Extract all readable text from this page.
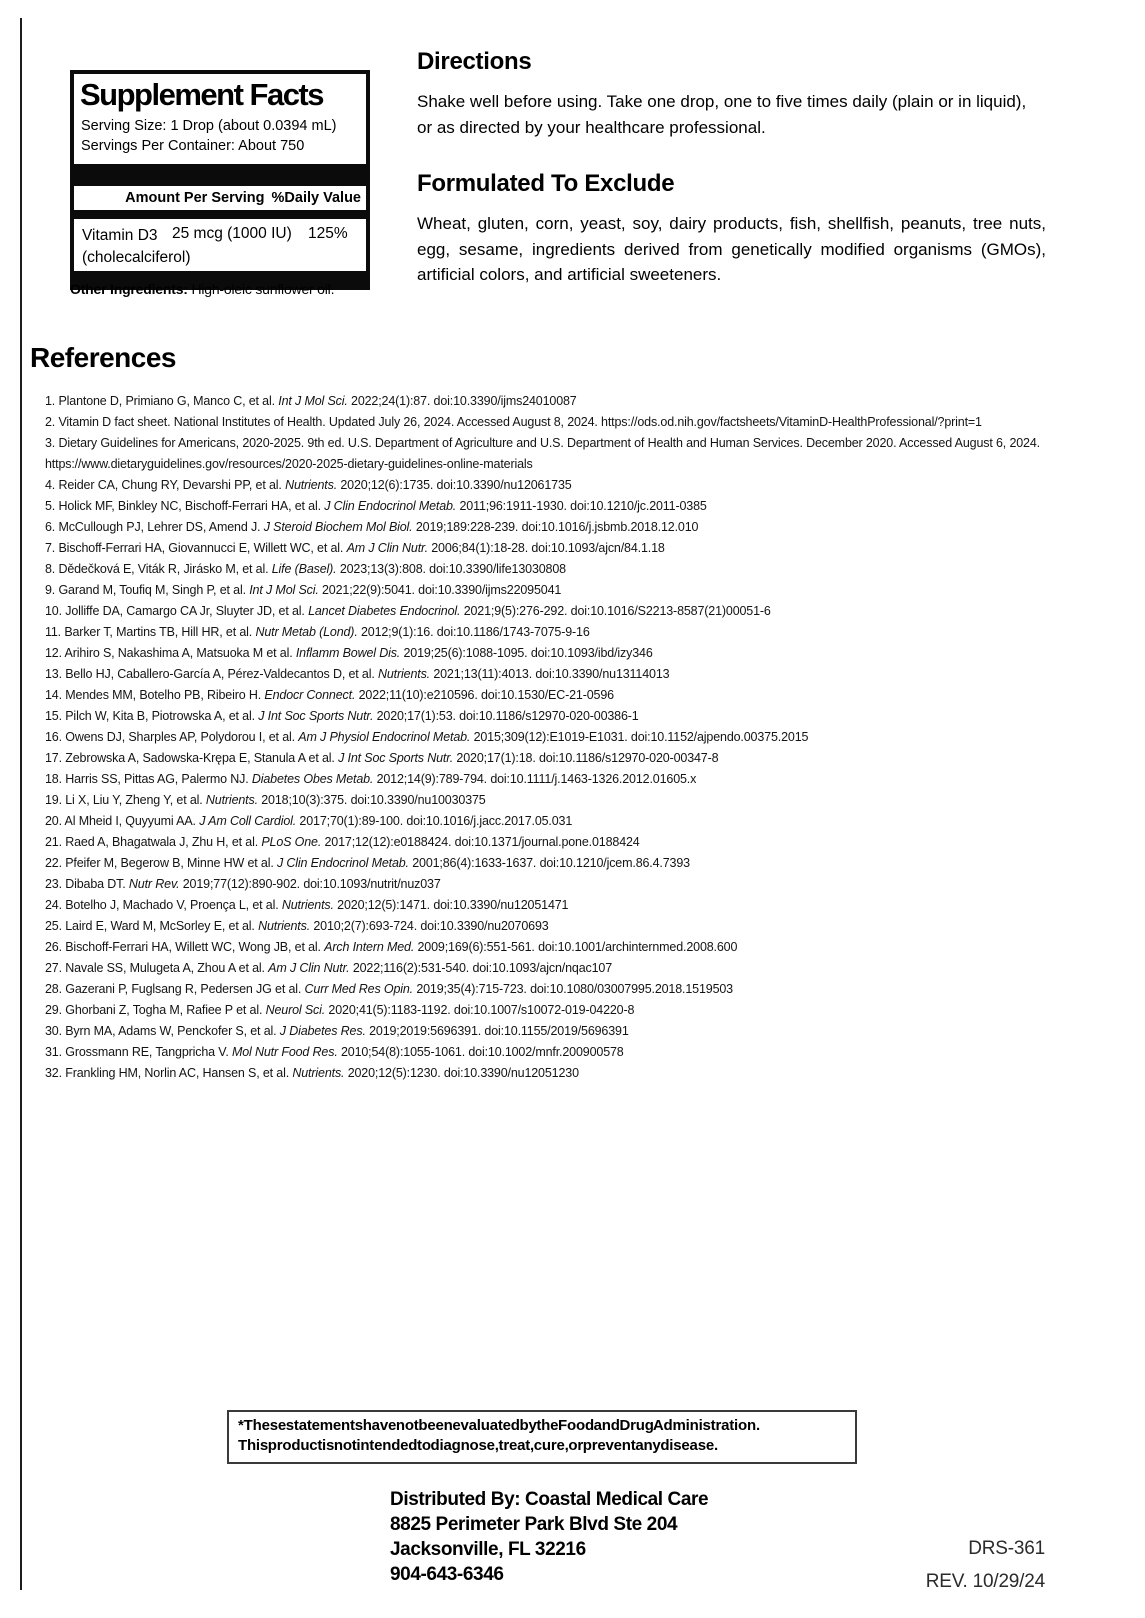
Supplement Facts
Serving Size: 1 Drop (about 0.0394 mL)
Servings Per Container: About 750
Amount Per Serving %Daily Value
Vitamin D3
(cholecalciferol)
25 mcg (1000 IU) 125%
Other Ingredients: High-oleic sunflower oil.
Directions

Shake well before using. Take one drop, one to five times daily (plain or in liquid), or as directed by your healthcare professional.

Formulated To Exclude

Wheat, gluten, corn, yeast, soy, dairy products, fish, shellfish, peanuts, tree nuts, egg, sesame, ingredients derived from genetically modified organisms (GMOs), artificial colors, and artificial sweeteners.

References
1. Plantone D, Primiano G, Manco C, et al. Int J Mol Sci. 2022;24(1):87. doi:10.3390/ijms24010087
2. Vitamin D fact sheet. National Institutes of Health. Updated July 26, 2024. Accessed August 8, 2024. https://ods.od.nih.gov/factsheets/VitaminD-HealthProfessional/?print=1
3. Dietary Guidelines for Americans, 2020-2025. 9th ed. U.S. Department of Agriculture and U.S. Department of Health and Human Services. December 2020. Accessed August 6, 2024.
https://www.dietaryguidelines.gov/resources/2020-2025-dietary-guidelines-online-materials
4. Reider CA, Chung RY, Devarshi PP, et al. Nutrients. 2020;12(6):1735. doi:10.3390/nu12061735
5. Holick MF, Binkley NC, Bischoff-Ferrari HA, et al. J Clin Endocrinol Metab. 2011;96:1911-1930. doi:10.1210/jc.2011-0385
6. McCullough PJ, Lehrer DS, Amend J. J Steroid Biochem Mol Biol. 2019;189:228-239. doi:10.1016/j.jsbmb.2018.12.010
7. Bischoff-Ferrari HA, Giovannucci E, Willett WC, et al. Am J Clin Nutr. 2006;84(1):18-28. doi:10.1093/ajcn/84.1.18
8. Dědečková E, Viták R, Jirásko M, et al. Life (Basel). 2023;13(3):808. doi:10.3390/life13030808
9. Garand M, Toufiq M, Singh P, et al. Int J Mol Sci. 2021;22(9):5041. doi:10.3390/ijms22095041
10. Jolliffe DA, Camargo CA Jr, Sluyter JD, et al. Lancet Diabetes Endocrinol. 2021;9(5):276-292. doi:10.1016/S2213-8587(21)00051-6
11. Barker T, Martins TB, Hill HR, et al. Nutr Metab (Lond). 2012;9(1):16. doi:10.1186/1743-7075-9-16
12. Arihiro S, Nakashima A, Matsuoka M et al. Inflamm Bowel Dis. 2019;25(6):1088-1095. doi:10.1093/ibd/izy346
13. Bello HJ, Caballero-García A, Pérez-Valdecantos D, et al. Nutrients. 2021;13(11):4013. doi:10.3390/nu13114013
14. Mendes MM, Botelho PB, Ribeiro H. Endocr Connect. 2022;11(10):e210596. doi:10.1530/EC-21-0596
15. Pilch W, Kita B, Piotrowska A, et al. J Int Soc Sports Nutr. 2020;17(1):53. doi:10.1186/s12970-020-00386-1
16. Owens DJ, Sharples AP, Polydorou I, et al. Am J Physiol Endocrinol Metab. 2015;309(12):E1019-E1031. doi:10.1152/ajpendo.00375.2015
17. Zebrowska A, Sadowska-Krępa E, Stanula A et al. J Int Soc Sports Nutr. 2020;17(1):18. doi:10.1186/s12970-020-00347-8
18. Harris SS, Pittas AG, Palermo NJ. Diabetes Obes Metab. 2012;14(9):789-794. doi:10.1111/j.1463-1326.2012.01605.x
19. Li X, Liu Y, Zheng Y, et al. Nutrients. 2018;10(3):375. doi:10.3390/nu10030375
20. Al Mheid I, Quyyumi AA. J Am Coll Cardiol. 2017;70(1):89-100. doi:10.1016/j.jacc.2017.05.031
21. Raed A, Bhagatwala J, Zhu H, et al. PLoS One. 2017;12(12):e0188424. doi:10.1371/journal.pone.0188424
22. Pfeifer M, Begerow B, Minne HW et al. J Clin Endocrinol Metab. 2001;86(4):1633-1637. doi:10.1210/jcem.86.4.7393
23. Dibaba DT. Nutr Rev. 2019;77(12):890-902. doi:10.1093/nutrit/nuz037
24. Botelho J, Machado V, Proença L, et al. Nutrients. 2020;12(5):1471. doi:10.3390/nu12051471
25. Laird E, Ward M, McSorley E, et al. Nutrients. 2010;2(7):693-724. doi:10.3390/nu2070693
26. Bischoff-Ferrari HA, Willett WC, Wong JB, et al. Arch Intern Med. 2009;169(6):551-561. doi:10.1001/archinternmed.2008.600
27. Navale SS, Mulugeta A, Zhou A et al. Am J Clin Nutr. 2022;116(2):531-540. doi:10.1093/ajcn/nqac107
28. Gazerani P, Fuglsang R, Pedersen JG et al. Curr Med Res Opin. 2019;35(4):715-723. doi:10.1080/03007995.2018.1519503
29. Ghorbani Z, Togha M, Rafiee P et al. Neurol Sci. 2020;41(5):1183-1192. doi:10.1007/s10072-019-04220-8
30. Byrn MA, Adams W, Penckofer S, et al. J Diabetes Res. 2019;2019:5696391. doi:10.1155/2019/5696391
31. Grossmann RE, Tangpricha V. Mol Nutr Food Res. 2010;54(8):1055-1061. doi:10.1002/mnfr.200900578
32. Frankling HM, Norlin AC, Hansen S, et al. Nutrients. 2020;12(5):1230. doi:10.3390/nu12051230
*These statements have not been evaluated by the Food and Drug Administration.
This product is not intended to diagnose, treat, cure, or prevent any disease.
Distributed By: Coastal Medical Care
8825 Perimeter Park Blvd Ste 204
Jacksonville, FL 32216
904-643-6346
DRS-361
REV. 10/29/24
